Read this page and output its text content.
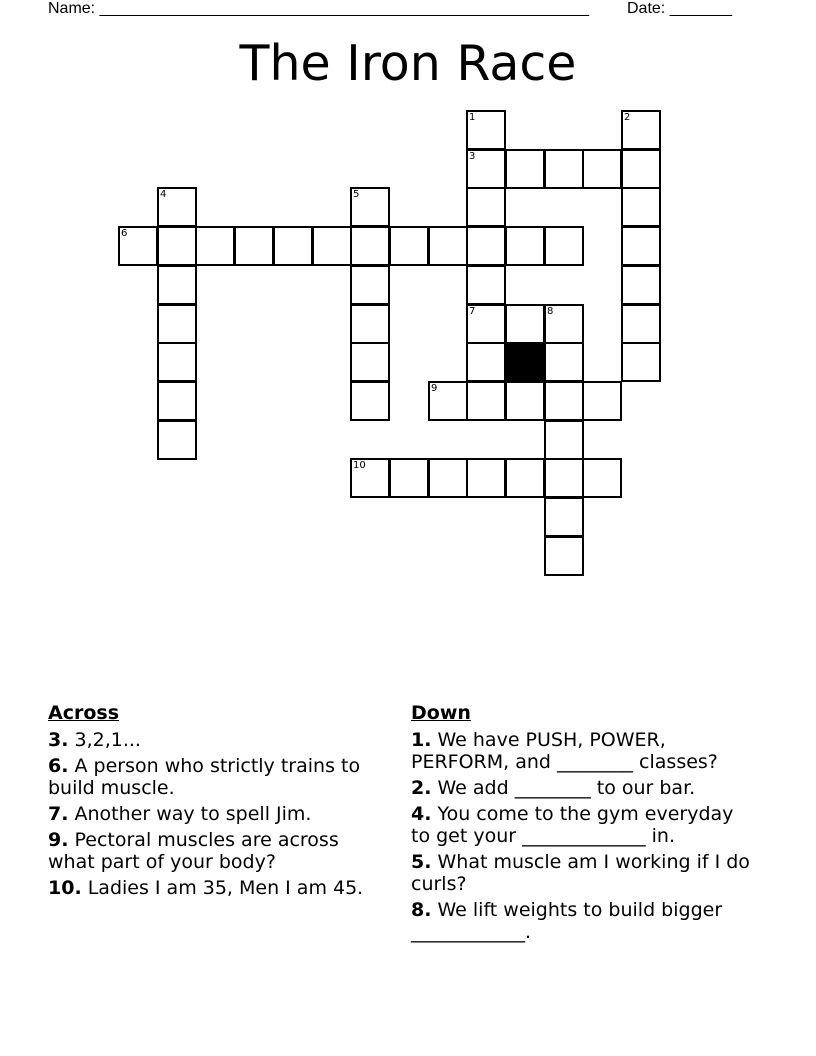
Name: _______________________________________________________ Date: _______
The Iron Race
3
6
7	8
9
10
1	2
4	5
Across
3. 3,2,1...
6. A person who strictly trains to build muscle.
7. Another way to spell Jim.
9. Pectoral muscles are across what part of your body?
10. Ladies I am 35, Men I am 45.
Down
1. We have PUSH, POWER, PERFORM, and ________ classes?
2. We add ________ to our bar.
4. You come to the gym everyday to get your _____________ in.
5. What muscle am I working if I do curls?
8. We lift weights to build bigger ____________.
